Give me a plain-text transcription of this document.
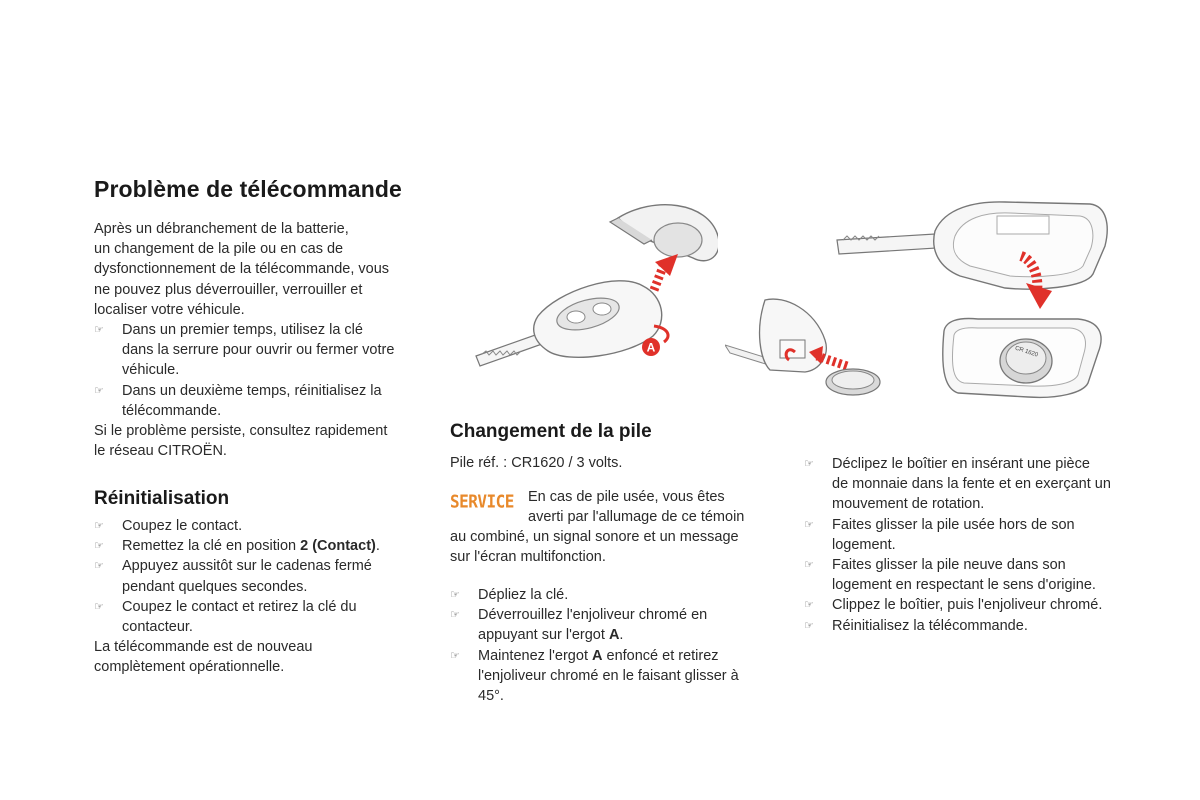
Problème de télécommande

Après un débranchement de la batterie,
un changement de la pile ou en cas de
dysfonctionnement de la télécommande, vous
ne pouvez plus déverrouiller, verrouiller et
localiser votre véhicule.

☞ Dans un premier temps, utilisez la clé
dans la serrure pour ouvrir ou fermer votre
véhicule.
☞ Dans un deuxième temps, réinitialisez la
télécommande.

Si le problème persiste, consultez rapidement
le réseau CITROËN.

Réinitialisation
☞ Coupez le contact.
☞ Remettez la clé en position 2 (Contact).
☞ Appuyez aussitôt sur le cadenas fermé
pendant quelques secondes.
☞ Coupez le contact et retirez la clé du
contacteur.

La télécommande est de nouveau
complètement opérationnelle.

A	CR 1620
Changement de la pile

Pile réf. : CR1620 / 3 volts.

SERVICE En cas de pile usée, vous êtes
averti par l'allumage de ce témoin

au combiné, un signal sonore et un message
sur l'écran multifonction.

☞ Dépliez la clé.
☞ Déverrouillez l'enjoliveur chromé en
appuyant sur l'ergot A.
☞ Maintenez l'ergot A enfoncé et retirez
l'enjoliveur chromé en le faisant glisser à
45°.
☞ Déclipez le boîtier en insérant une pièce
de monnaie dans la fente et en exerçant un
mouvement de rotation.
☞ Faites glisser la pile usée hors de son
logement.
☞ Faites glisser la pile neuve dans son
logement en respectant le sens d'origine.
☞ Clippez le boîtier, puis l'enjoliveur chromé.
☞ Réinitialisez la télécommande.
